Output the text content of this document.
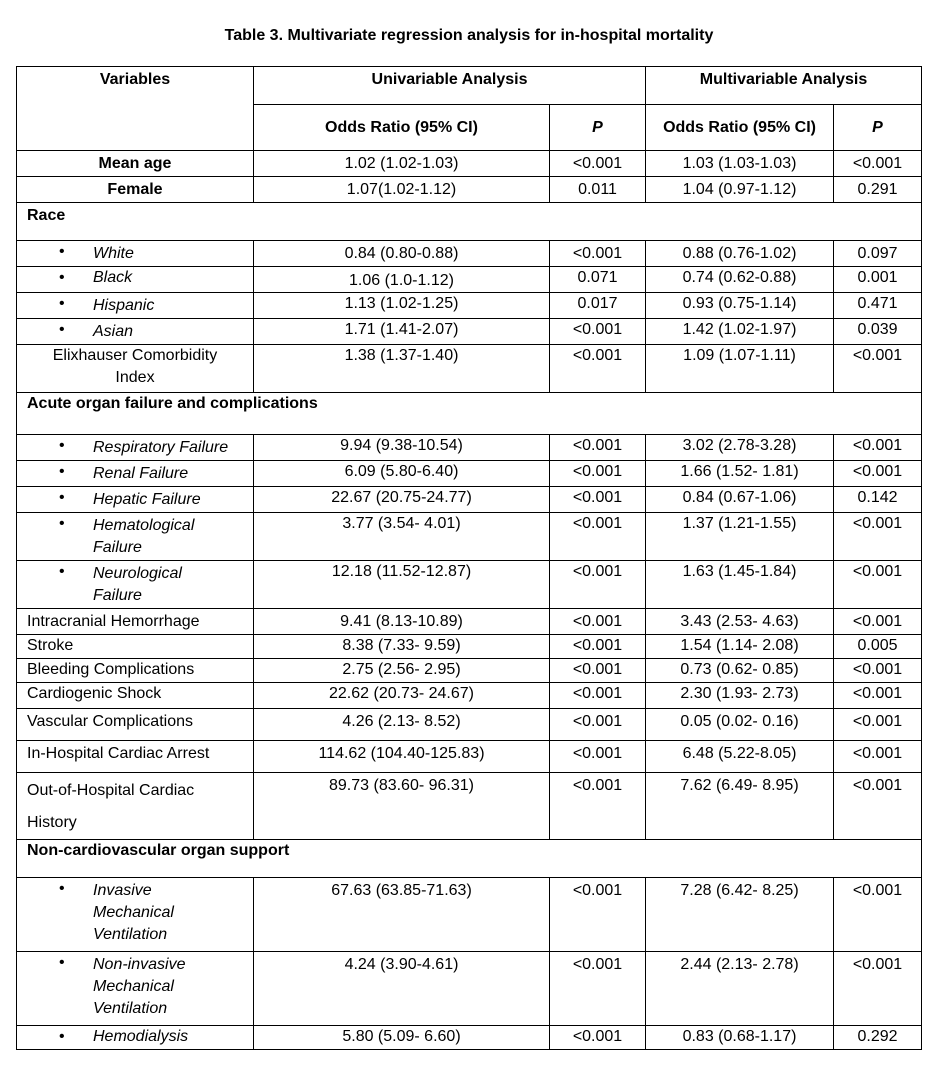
Table 3. Multivariate regression analysis for in-hospital mortality
Variables	Univariable Analysis		Multivariable Analysis	
	Odds Ratio (95% CI)	P	Odds Ratio (95% CI)	P
Mean age	1.02 (1.02-1.03)	<0.001	1.03 (1.03-1.03)	<0.001
Female	1.07(1.02-1.12)	0.011	1.04 (0.97-1.12)	0.291
Race				

• White	0.84 (0.80-0.88)	<0.001	0.88 (0.76-1.02)	0.097

• Black	1.06 (1.0-1.12)	0.071	0.74 (0.62-0.88)	0.001

• Hispanic	1.13 (1.02-1.25)	0.017	0.93 (0.75-1.14)	0.471

• Asian	1.71 (1.41-2.07)	<0.001	1.42 (1.02-1.97)	0.039

Elixhauser Comorbidity
Index	1.38 (1.37-1.40)	<0.001	1.09 (1.07-1.11)	<0.001
Acute organ failure and complications				

• Respiratory Failure	9.94 (9.38-10.54)	<0.001	3.02 (2.78-3.28)	<0.001

• Renal Failure	6.09 (5.80-6.40)	<0.001	1.66 (1.52- 1.81)	<0.001

• Hepatic Failure	22.67 (20.75-24.77)	<0.001	0.84 (0.67-1.06)	0.142

• Hematological
Failure	3.77 (3.54- 4.01)	<0.001	1.37 (1.21-1.55)	<0.001

• Neurological
Failure	12.18 (11.52-12.87)	<0.001	1.63 (1.45-1.84)	<0.001
Intracranial Hemorrhage	9.41 (8.13-10.89)	<0.001	3.43 (2.53- 4.63)	<0.001
Stroke	8.38 (7.33- 9.59)	<0.001	1.54 (1.14- 2.08)	0.005
Bleeding Complications	2.75 (2.56- 2.95)	<0.001	0.73 (0.62- 0.85)	<0.001
Cardiogenic Shock	22.62 (20.73- 24.67)	<0.001	2.30 (1.93- 2.73)	<0.001
Vascular Complications	4.26 (2.13- 8.52)	<0.001	0.05 (0.02- 0.16)	<0.001
In-Hospital Cardiac Arrest	114.62 (104.40-125.83)	<0.001	6.48 (5.22-8.05)	<0.001

Out-of-Hospital Cardiac
History	89.73 (83.60- 96.31)	<0.001	7.62 (6.49- 8.95)	<0.001
Non-cardiovascular organ support				

• Invasive
Mechanical
Ventilation	67.63 (63.85-71.63)	<0.001	7.28 (6.42- 8.25)	<0.001

• Non-invasive
Mechanical
Ventilation	4.24 (3.90-4.61)	<0.001	2.44 (2.13- 2.78)	<0.001

• Hemodialysis	5.80 (5.09- 6.60)	<0.001	0.83 (0.68-1.17)	0.292
